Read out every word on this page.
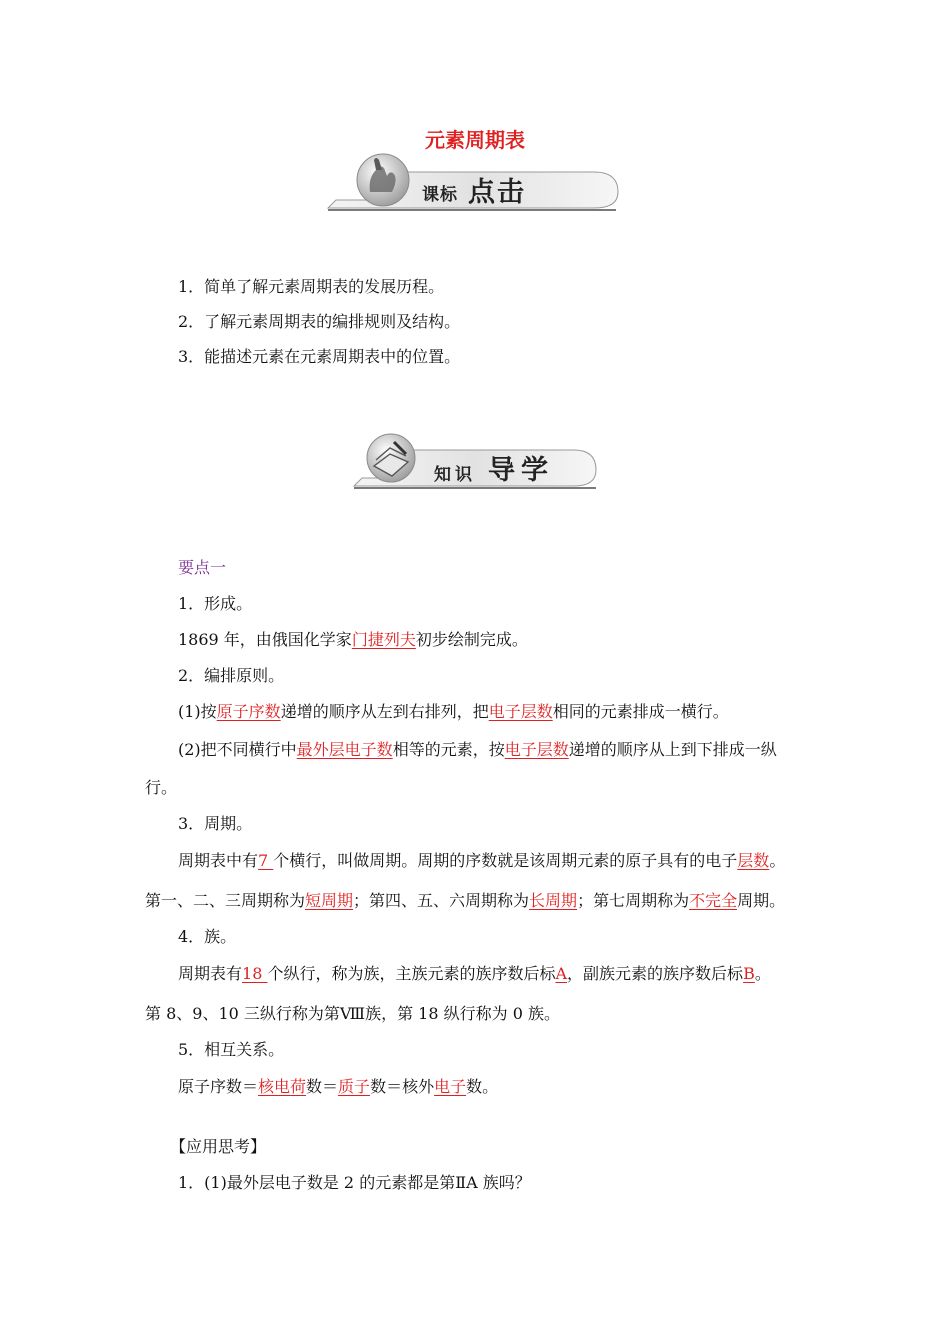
元素周期表
课标 点击
1．简单了解元素周期表的发展历程。
2．了解元素周期表的编排规则及结构。
3．能描述元素在元素周期表中的位置。
知识 导学
要点一
1．形成。
1869 年，由俄国化学家门捷列夫初步绘制完成。
2．编排原则。
(1)按原子序数递增的顺序从左到右排列，把电子层数相同的元素排成一横行。
(2)把不同横行中最外层电子数相等的元素，按电子层数递增的顺序从上到下排成一纵
行。
3．周期。
周期表中有7 个横行，叫做周期。周期的序数就是该周期元素的原子具有的电子层数。
第一、二、三周期称为短周期；第四、五、六周期称为长周期；第七周期称为不完全周期。
4．族。
周期表有18 个纵行，称为族，主族元素的族序数后标A，副族元素的族序数后标B。
第 8、9、10 三纵行称为第Ⅷ族，第 18 纵行称为 0 族。
5．相互关系。
原子序数＝核电荷数＝质子数＝核外电子数。
【应用思考】
1．(1)最外层电子数是 2 的元素都是第ⅡA 族吗？
